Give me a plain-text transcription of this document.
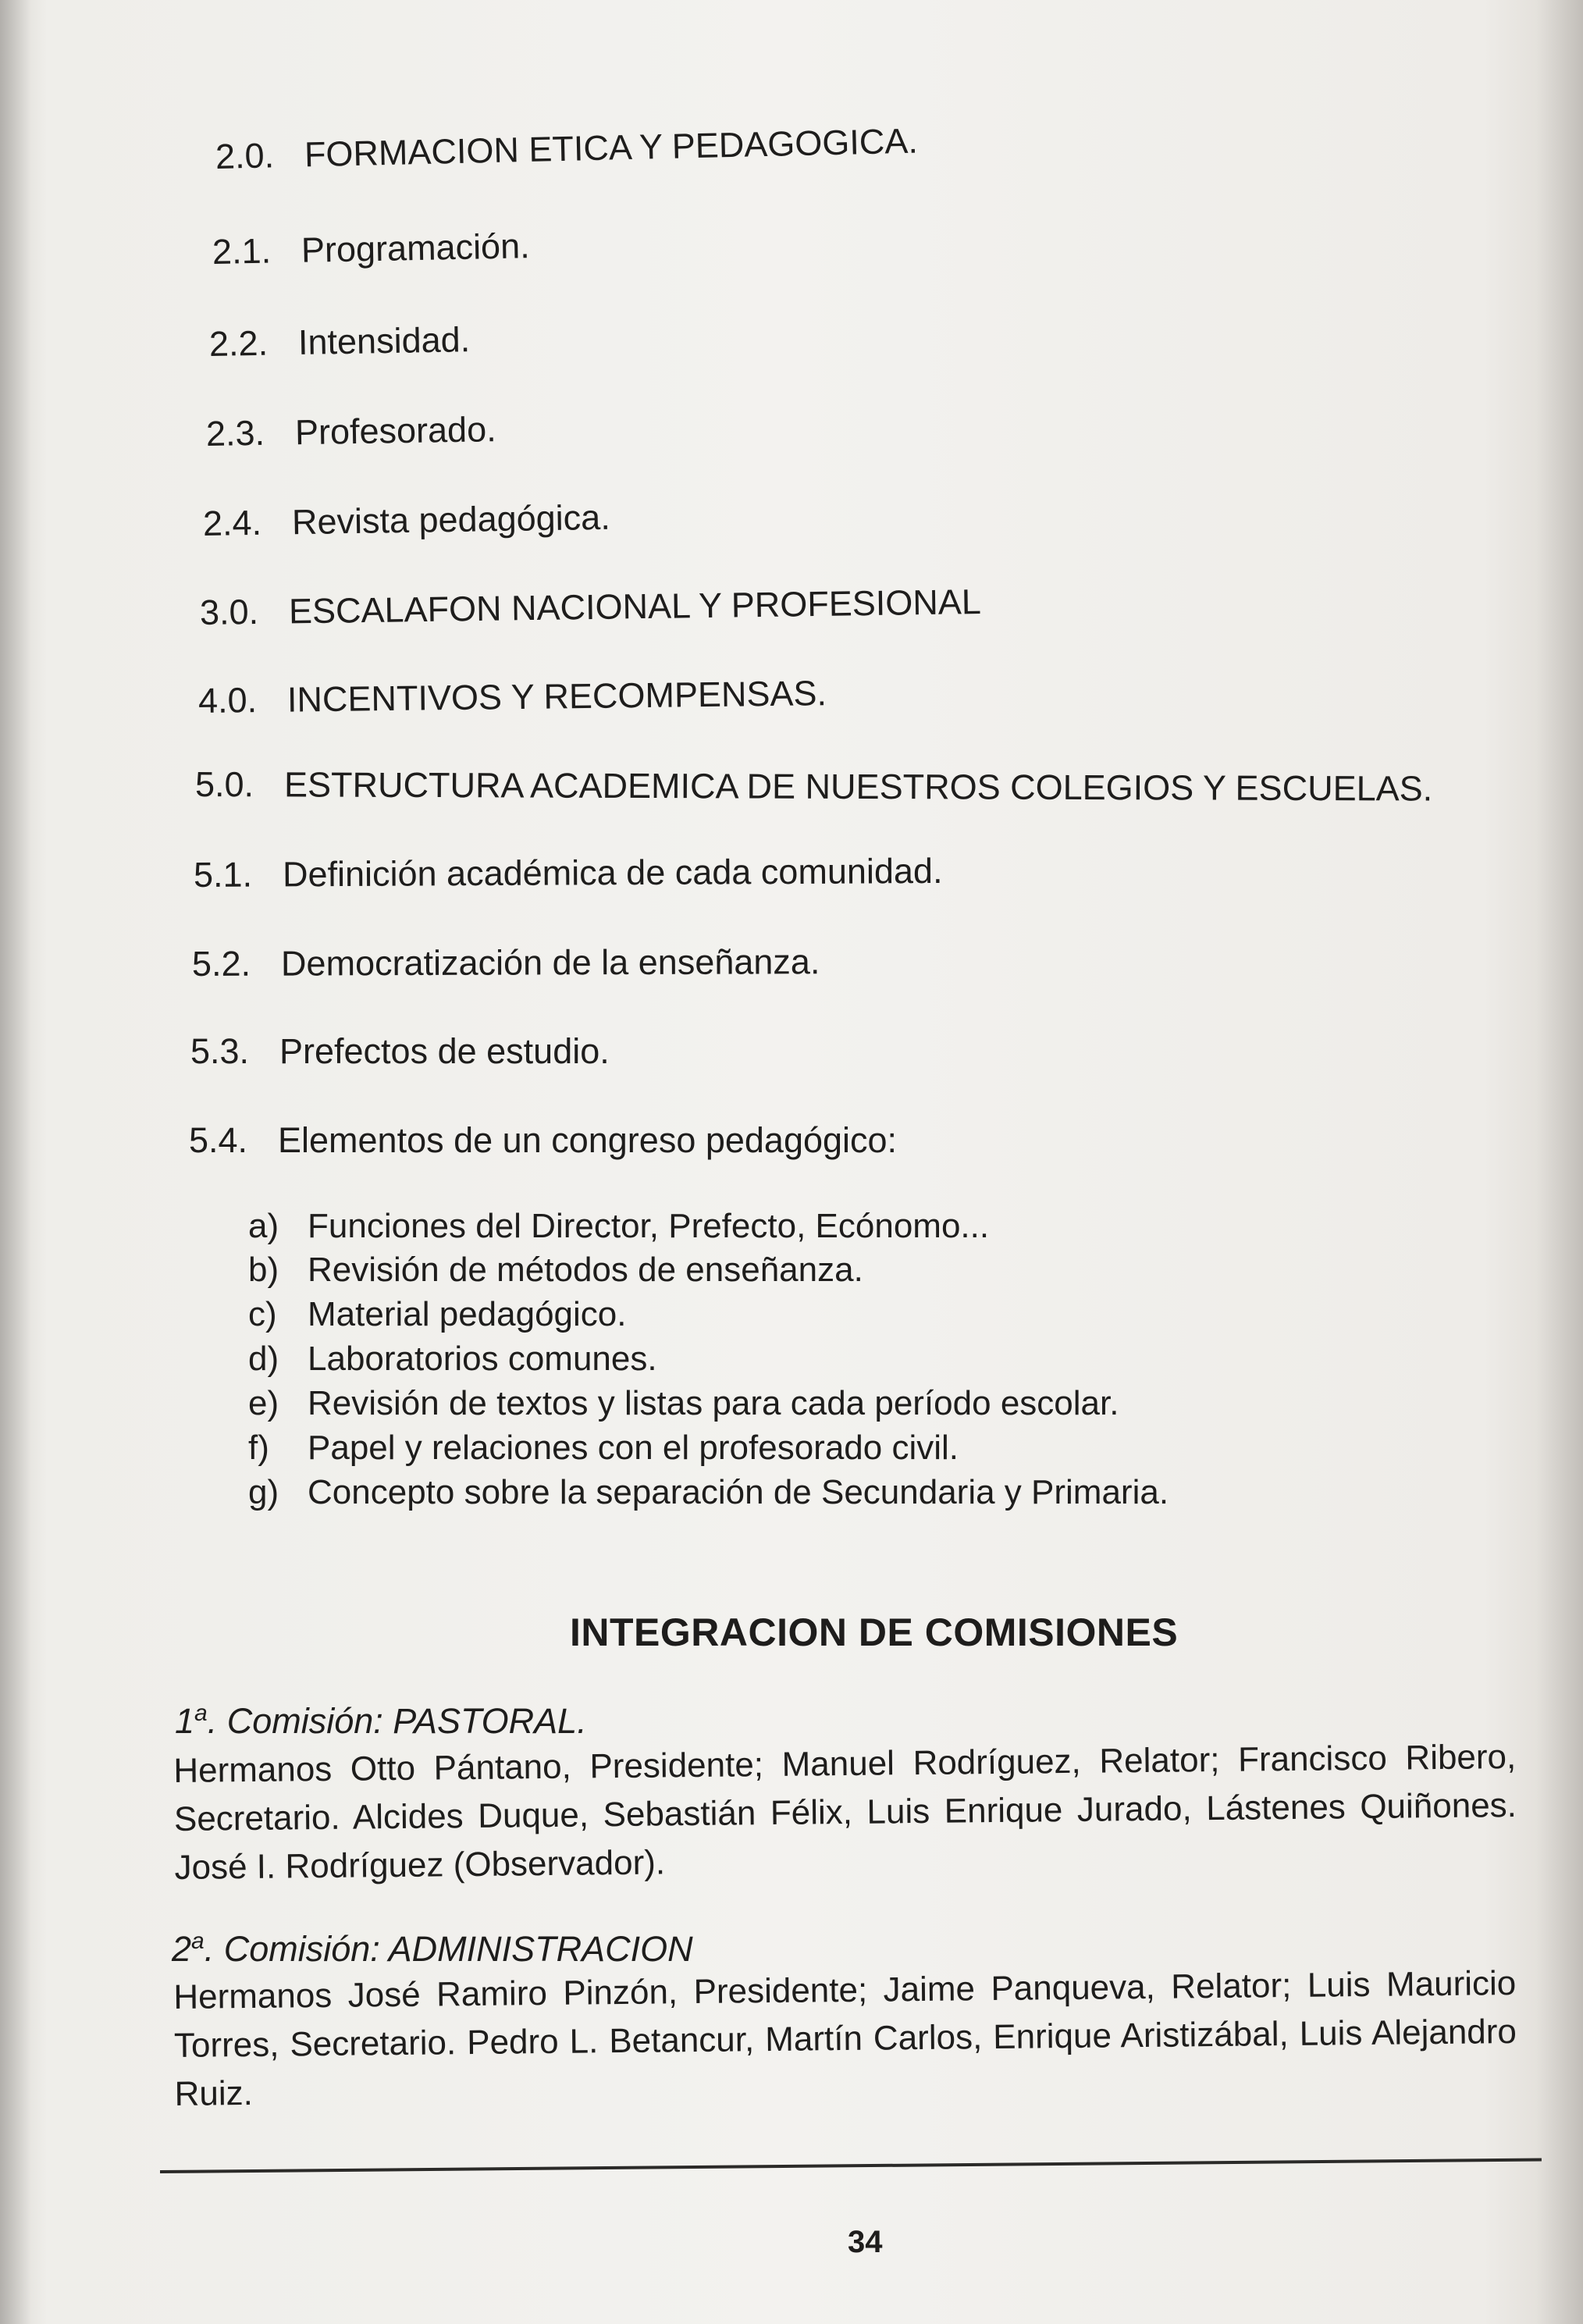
2.0. FORMACION ETICA Y PEDAGOGICA.
2.1. Programación.
2.2. Intensidad.
2.3. Profesorado.
2.4. Revista pedagógica.
3.0. ESCALAFON NACIONAL Y PROFESIONAL
4.0. INCENTIVOS Y RECOMPENSAS.
5.0. ESTRUCTURA ACADEMICA DE NUESTROS COLEGIOS Y ESCUELAS.
5.1. Definición académica de cada comunidad.
5.2. Democratización de la enseñanza.
5.3. Prefectos de estudio.
5.4. Elementos de un congreso pedagógico:
a) Funciones del Director, Prefecto, Ecónomo...
b) Revisión de métodos de enseñanza.
c) Material pedagógico.
d) Laboratorios comunes.
e) Revisión de textos y listas para cada período escolar.
f) Papel y relaciones con el profesorado civil.
g) Concepto sobre la separación de Secundaria y Primaria.
INTEGRACION DE COMISIONES
1$^a$. Comisión: PASTORAL.
Hermanos Otto Pántano, Presidente; Manuel Rodríguez, Relator; Francisco Ribero, Secretario. Alcides Duque, Sebastián Félix, Luis Enrique Jurado, Lástenes Quiñones. José I. Rodríguez (Observador).
2$^a$. Comisión: ADMINISTRACION
Hermanos José Ramiro Pinzón, Presidente; Jaime Panqueva, Relator; Luis Mauricio Torres, Secretario. Pedro L. Betancur, Martín Carlos, Enrique Aristizábal, Luis Alejandro Ruiz.
34
